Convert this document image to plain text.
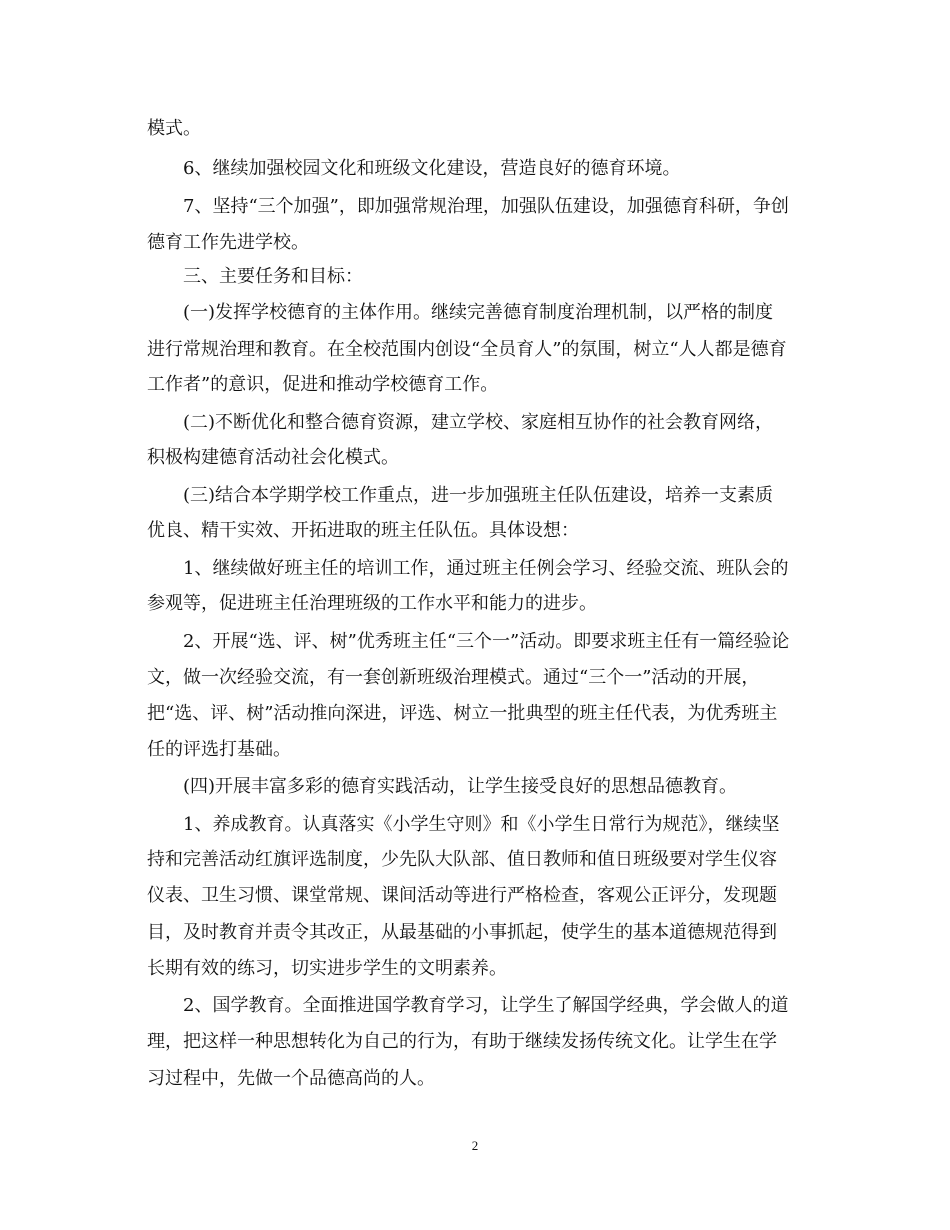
模式。
　　6、继续加强校园文化和班级文化建设，营造良好的德育环境。
　　7、坚持“三个加强”，即加强常规治理，加强队伍建设，加强德育科研，争创
德育工作先进学校。
　　三、主要任务和目标：
　　(一)发挥学校德育的主体作用。继续完善德育制度治理机制，以严格的制度
进行常规治理和教育。在全校范围内创设“全员育人”的氛围，树立“人人都是德育
工作者”的意识，促进和推动学校德育工作。
　　(二)不断优化和整合德育资源，建立学校、家庭相互协作的社会教育网络，
积极构建德育活动社会化模式。
　　(三)结合本学期学校工作重点，进一步加强班主任队伍建设，培养一支素质
优良、精干实效、开拓进取的班主任队伍。具体设想：
　　1、继续做好班主任的培训工作，通过班主任例会学习、经验交流、班队会的
参观等，促进班主任治理班级的工作水平和能力的进步。
　　2、开展“选、评、树”优秀班主任“三个一”活动。即要求班主任有一篇经验论
文，做一次经验交流，有一套创新班级治理模式。通过“三个一”活动的开展，
把“选、评、树”活动推向深进，评选、树立一批典型的班主任代表，为优秀班主
任的评选打基础。
　　(四)开展丰富多彩的德育实践活动，让学生接受良好的思想品德教育。
　　1、养成教育。认真落实《小学生守则》和《小学生日常行为规范》，继续坚
持和完善活动红旗评选制度，少先队大队部、值日教师和值日班级要对学生仪容
仪表、卫生习惯、课堂常规、课间活动等进行严格检查，客观公正评分，发现题
目，及时教育并责令其改正，从最基础的小事抓起，使学生的基本道德规范得到
长期有效的练习，切实进步学生的文明素养。
　　2、国学教育。全面推进国学教育学习，让学生了解国学经典，学会做人的道
理，把这样一种思想转化为自己的行为，有助于继续发扬传统文化。让学生在学
习过程中，先做一个品德高尚的人。
2
